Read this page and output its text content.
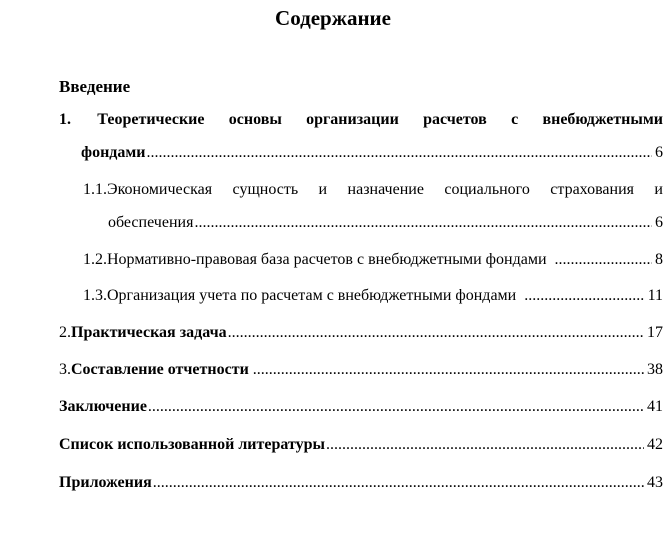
Содержание
Введение
1. Теоретические основы организации расчетов с внебюджетными
фондами .....	6
1.1.Экономическая сущность и назначение социального страхования и
обеспечения .....	6
1.2. Нормативно-правовая база расчетов с внебюджетными фондами .....	8
1.3. Организация учета по расчетам с внебюджетными фондами .....	11
2. Практическая задача .....	17
3. Составление отчетности .....	38
Заключение .....	41
Список использованной литературы .....	42
Приложения .....	43
